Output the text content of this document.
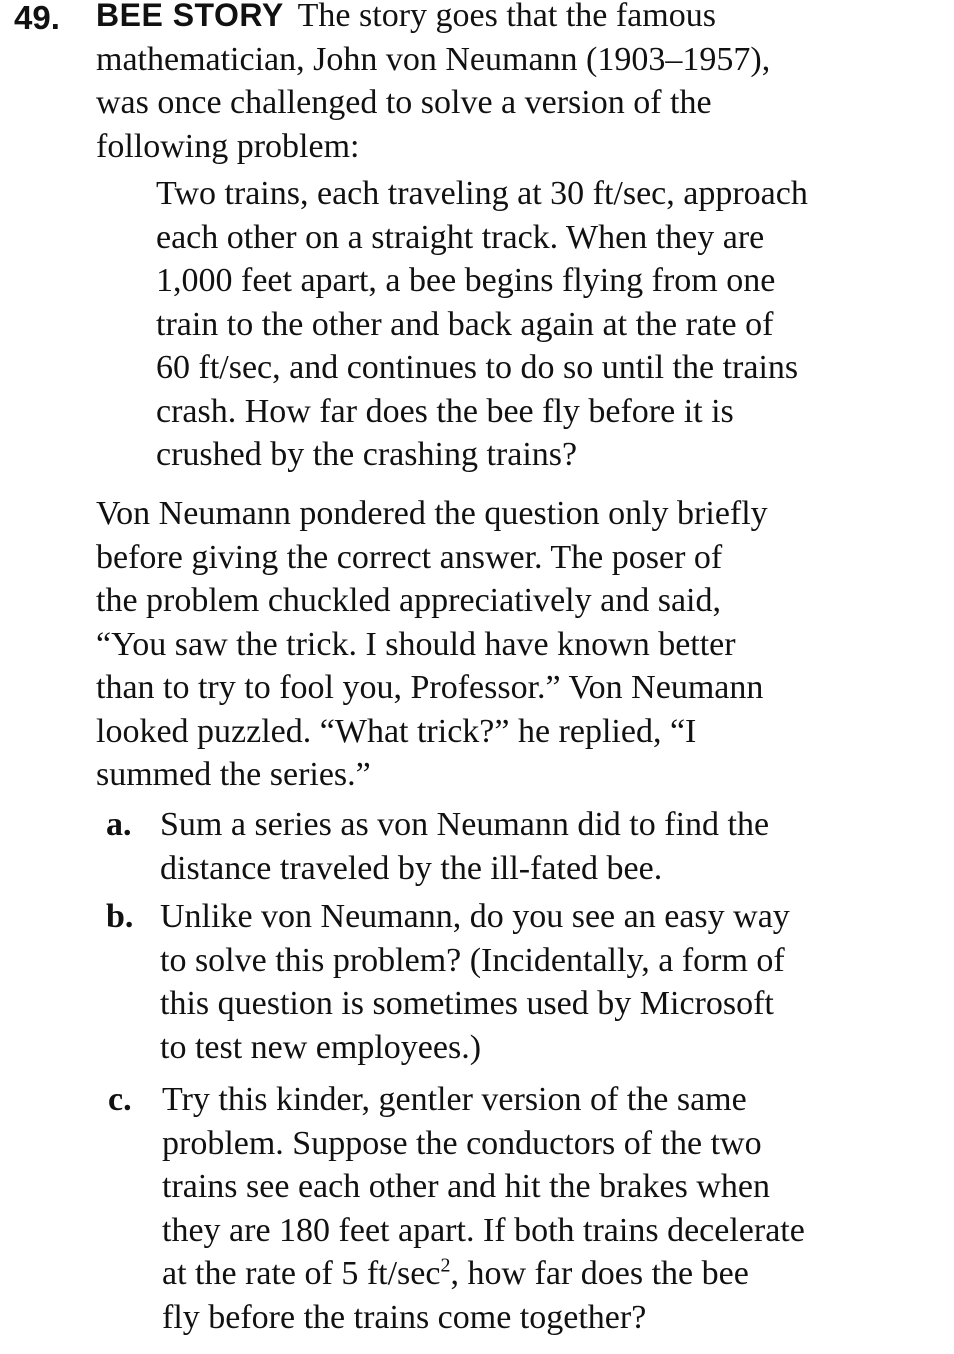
49. BEE STORY The story goes that the famous
mathematician, John von Neumann (1903–1957),
was once challenged to solve a version of the
following problem:
Two trains, each traveling at 30 ft/sec, approach
each other on a straight track. When they are
1,000 feet apart, a bee begins flying from one
train to the other and back again at the rate of
60 ft/sec, and continues to do so until the trains
crash. How far does the bee fly before it is
crushed by the crashing trains?
Von Neumann pondered the question only briefly
before giving the correct answer. The poser of
the problem chuckled appreciatively and said,
“You saw the trick. I should have known better
than to try to fool you, Professor.” Von Neumann
looked puzzled. “What trick?” he replied, “I
summed the series.”
a. Sum a series as von Neumann did to find the
distance traveled by the ill-fated bee.
b. Unlike von Neumann, do you see an easy way
to solve this problem? (Incidentally, a form of
this question is sometimes used by Microsoft
to test new employees.)
c. Try this kinder, gentler version of the same
problem. Suppose the conductors of the two
trains see each other and hit the brakes when
they are 180 feet apart. If both trains decelerate
at the rate of 5 $ft/\sec^2$, how far does the bee
fly before the trains come together?
